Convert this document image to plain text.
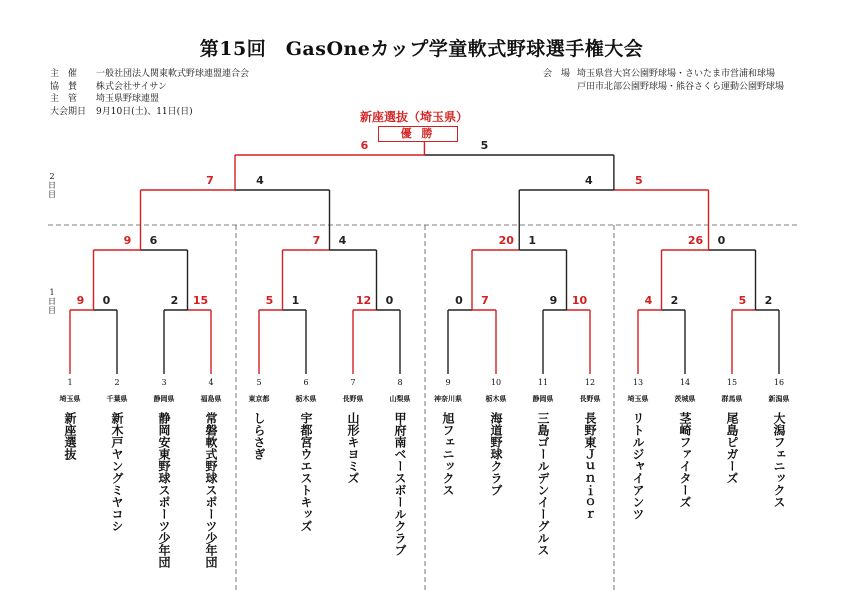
第15回　GasOneカップ学童軟式野球選手権大会
主　催 一般社団法人関東軟式野球連盟連合会
協　賛 株式会社サイサン
主　管 埼玉県野球連盟
大会期日 9月10日(土)、11日(日)
会　場 埼玉県営大宮公園野球場・さいたま市営浦和球場
戸田市北部公園野球場・熊谷さくら運動公園野球場
新座選抜（埼玉県）
優 勝
2日目
1日目
9	0	2	15	5	1	12	0	0	7	9	10	4	2	5	2
9	6	7	4	20	1	26	0
7	4	4	5
6	5
1
埼玉県
新座選抜
2
千葉県
新木戸ヤングミヤコシ
3
静岡県
静岡安東野球スポーツ少年団
4
福島県
常磐軟式野球スポーツ少年団
5
東京都
しらさぎ
6
栃木県
宇都宮ウエストキッズ
7
長野県
山形キヨミズ
8
山梨県
甲府南ベースボールクラブ
9
神奈川県
旭フェニックス
10
栃木県
海道野球クラブ
11
静岡県
三島ゴールデンイーグルス
12
長野県
長野東Ｊｕｎｉｏｒ
13
埼玉県
リトルジャイアンツ
14
茨城県
茎崎ファイターズ
15
群馬県
尾島ピガーズ
16
新潟県
大潟フェニックス
